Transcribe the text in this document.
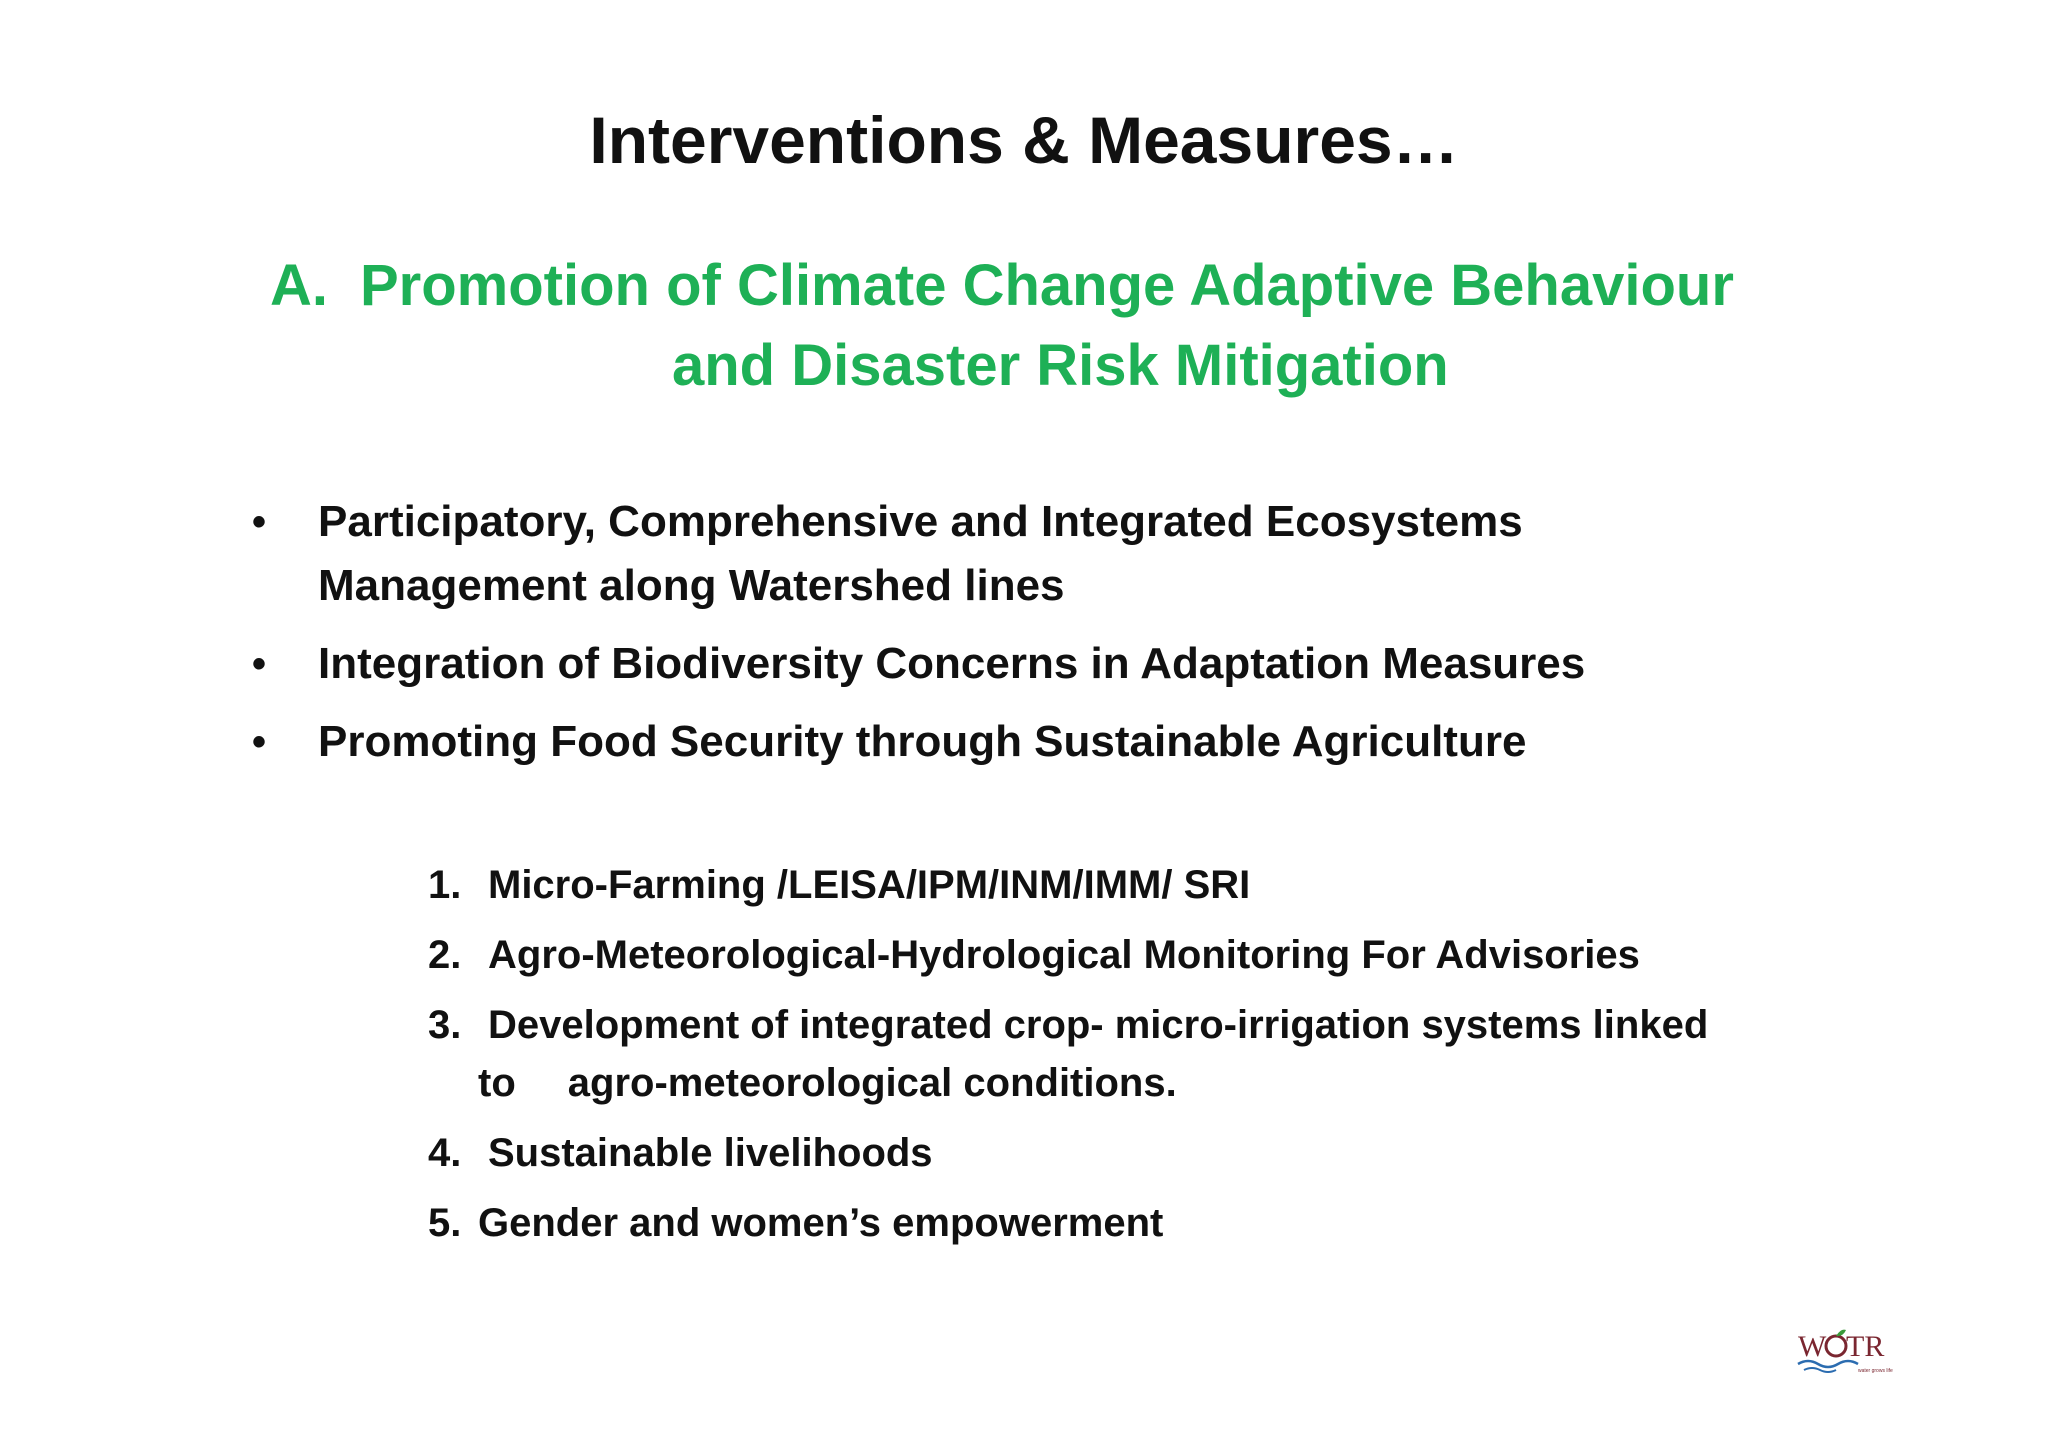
Interventions & Measures…
A. Promotion of Climate Change Adaptive Behaviour
and Disaster Risk Mitigation
• Participatory, Comprehensive and Integrated Ecosystems
Management along Watershed lines
• Integration of Biodiversity Concerns in Adaptation Measures
• Promoting Food Security through Sustainable Agriculture
1. Micro-Farming /LEISA/IPM/INM/IMM/ SRI
2. Agro-Meteorological-Hydrological Monitoring For Advisories
3. Development of integrated crop- micro-irrigation systems linked
to agro-meteorological conditions.
4. Sustainable livelihoods
5. Gender and women’s empowerment
W TR
water grows life
